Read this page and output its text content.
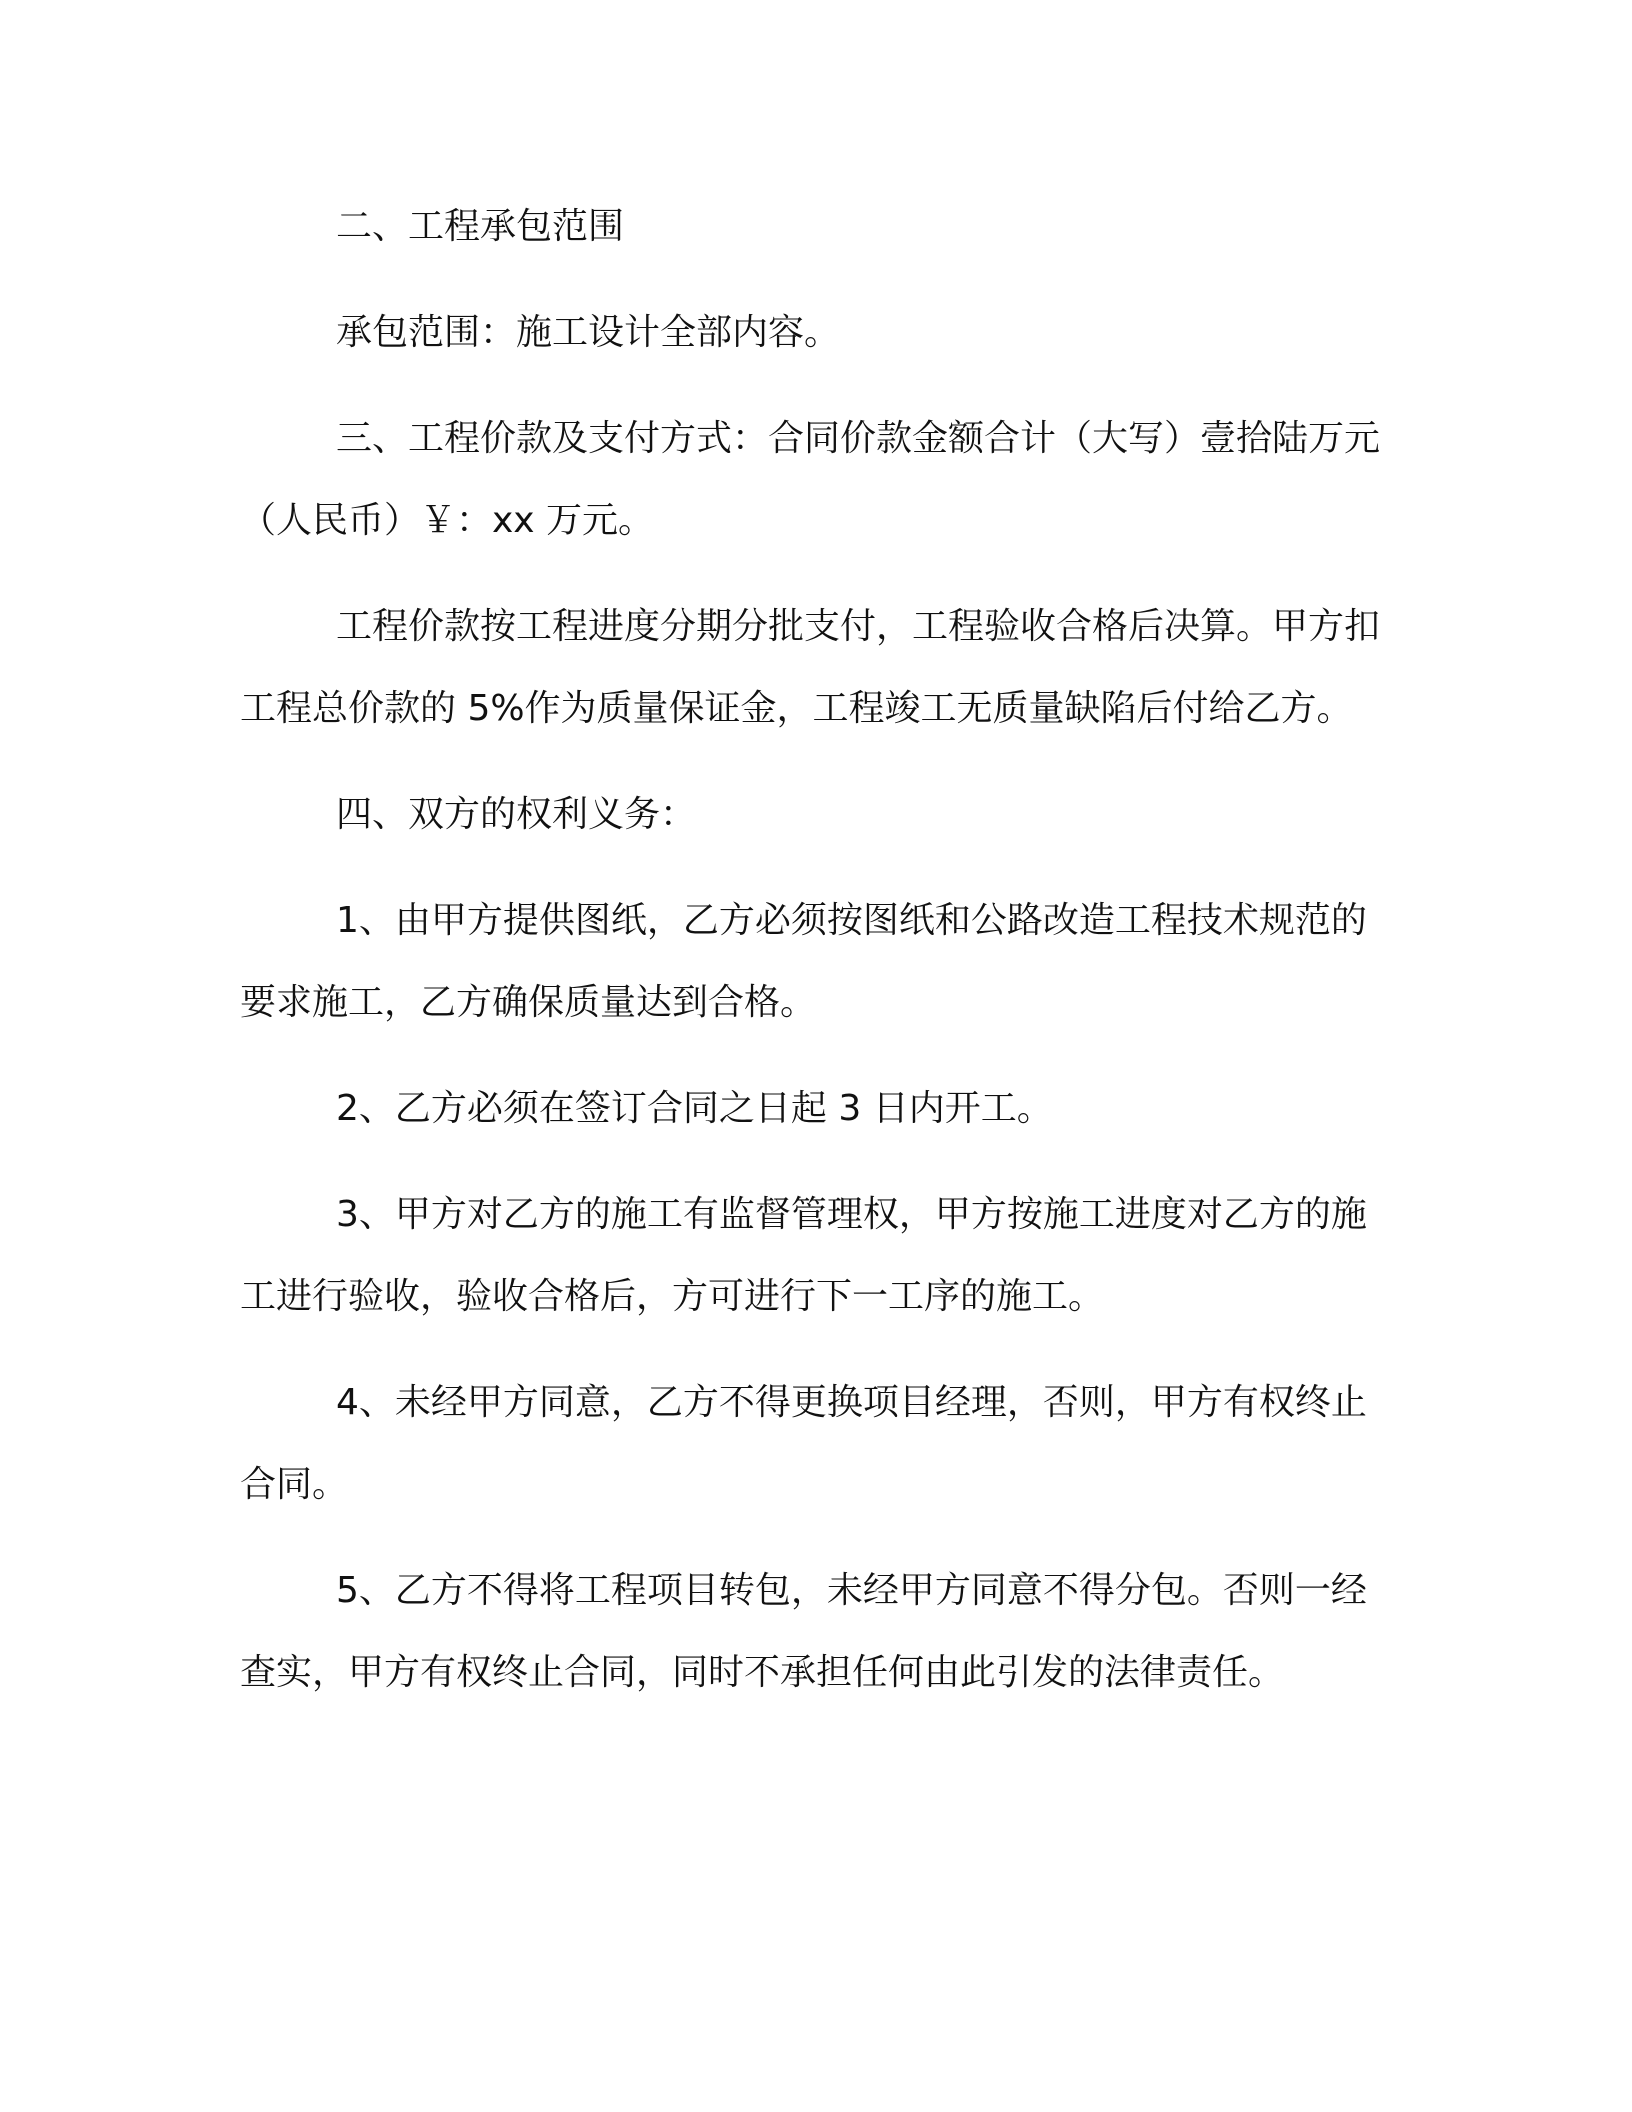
二、工程承包范围

承包范围：施工设计全部内容。

三、工程价款及支付方式：合同价款金额合计（大写）壹拾陆万元 （人民币）￥：xx 万元。

工程价款按工程进度分期分批支付，工程验收合格后决算。甲方扣工程总价款的 5%作为质量保证金，工程竣工无质量缺陷后付给乙方。

四、双方的权利义务：

1、由甲方提供图纸，乙方必须按图纸和公路改造工程技术规范的要求施工，乙方确保质量达到合格。

2、乙方必须在签订合同之日起 3 日内开工。

3、甲方对乙方的施工有监督管理权，甲方按施工进度对乙方的施工进行验收，验收合格后，方可进行下一工序的施工。

4、未经甲方同意，乙方不得更换项目经理，否则，甲方有权终止合同。

5、乙方不得将工程项目转包，未经甲方同意不得分包。否则一经查实，甲方有权终止合同，同时不承担任何由此引发的法律责任。
